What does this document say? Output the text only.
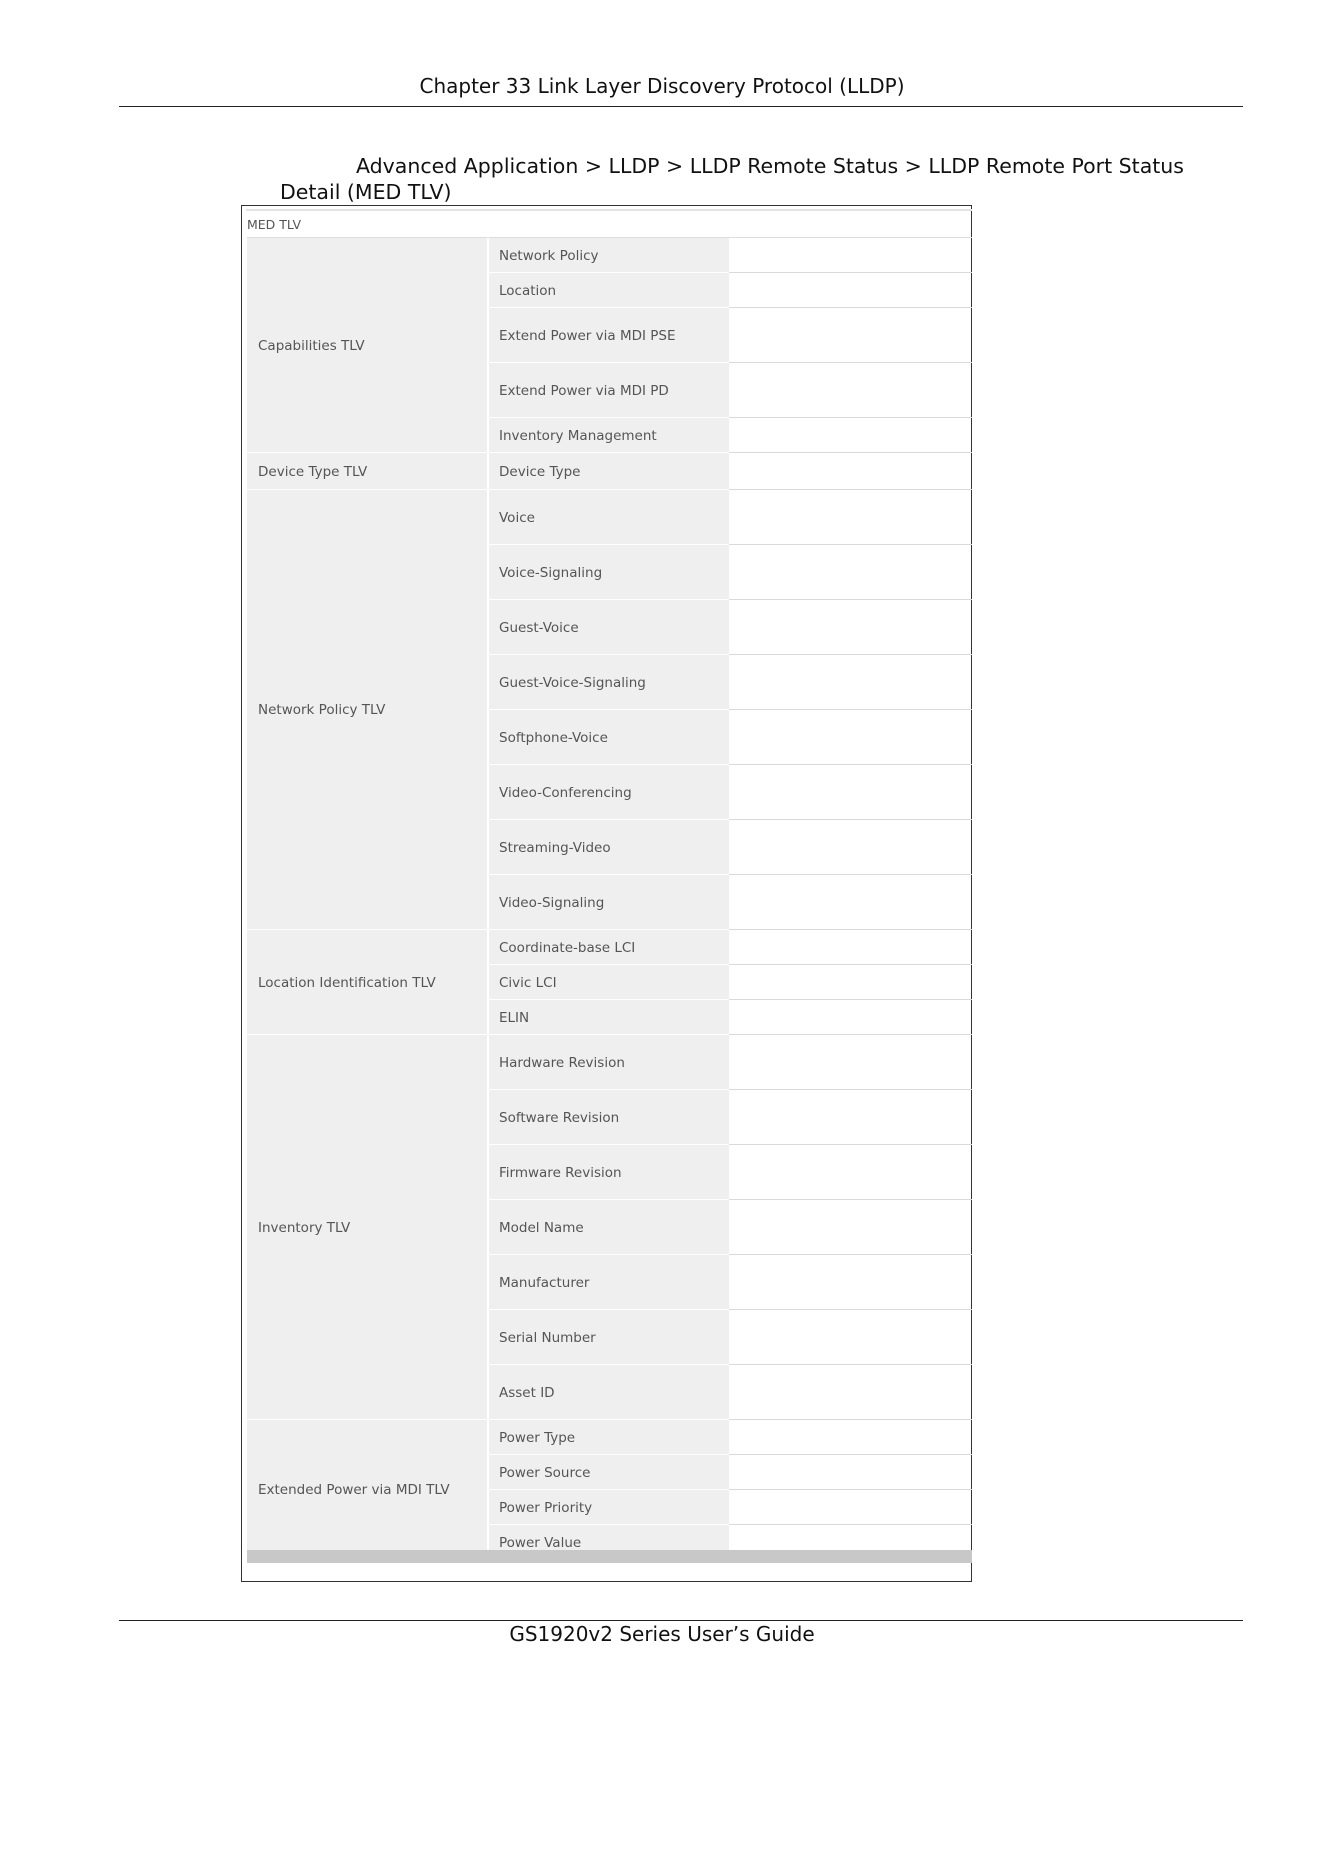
Chapter 33 Link Layer Discovery Protocol (LLDP)
Advanced Application > LLDP > LLDP Remote Status > LLDP Remote Port Status Detail (MED TLV)
MED TLV
Capabilities TLV
Network Policy
Location
Extend Power via MDI PSE
Extend Power via MDI PD
Inventory Management
Device Type TLV	Device Type
Network Policy TLV
Voice
Voice-Signaling
Guest-Voice
Guest-Voice-Signaling
Softphone-Voice
Video-Conferencing
Streaming-Video
Video-Signaling
Location Identification TLV
Coordinate-base LCI
Civic LCI
ELIN
Inventory TLV
Hardware Revision
Software Revision
Firmware Revision
Model Name
Manufacturer
Serial Number
Asset ID
Extended Power via MDI TLV
Power Type
Power Source
Power Priority
Power Value
GS1920v2 Series User’s Guide
